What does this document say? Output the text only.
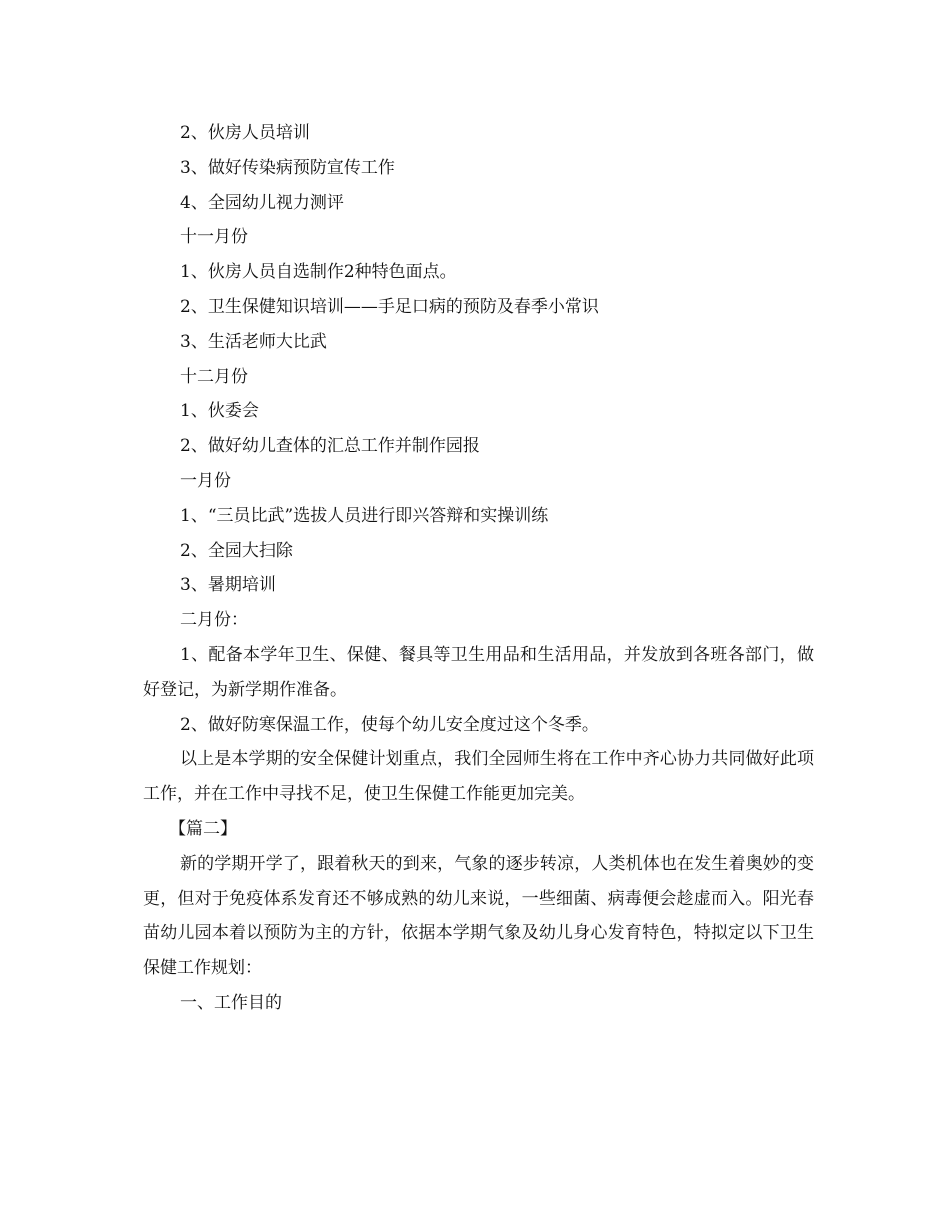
2、伙房人员培训

3、做好传染病预防宣传工作

4、全园幼儿视力测评

十一月份

1、伙房人员自选制作2种特色面点。

2、卫生保健知识培训——手足口病的预防及春季小常识

3、生活老师大比武

十二月份

1、伙委会

2、做好幼儿查体的汇总工作并制作园报

一月份

1、“三员比武”选拔人员进行即兴答辩和实操训练

2、全园大扫除

3、暑期培训

二月份：

1、配备本学年卫生、保健、餐具等卫生用品和生活用品，并发放到各班各部门，做好登记，为新学期作准备。

2、做好防寒保温工作，使每个幼儿安全度过这个冬季。

以上是本学期的安全保健计划重点，我们全园师生将在工作中齐心协力共同做好此项工作，并在工作中寻找不足，使卫生保健工作能更加完美。

【篇二】

新的学期开学了，跟着秋天的到来，气象的逐步转凉，人类机体也在发生着奥妙的变更，但对于免疫体系发育还不够成熟的幼儿来说，一些细菌、病毒便会趁虚而入。阳光春苗幼儿园本着以预防为主的方针，依据本学期气象及幼儿身心发育特色，特拟定以下卫生保健工作规划：

一、工作目的
